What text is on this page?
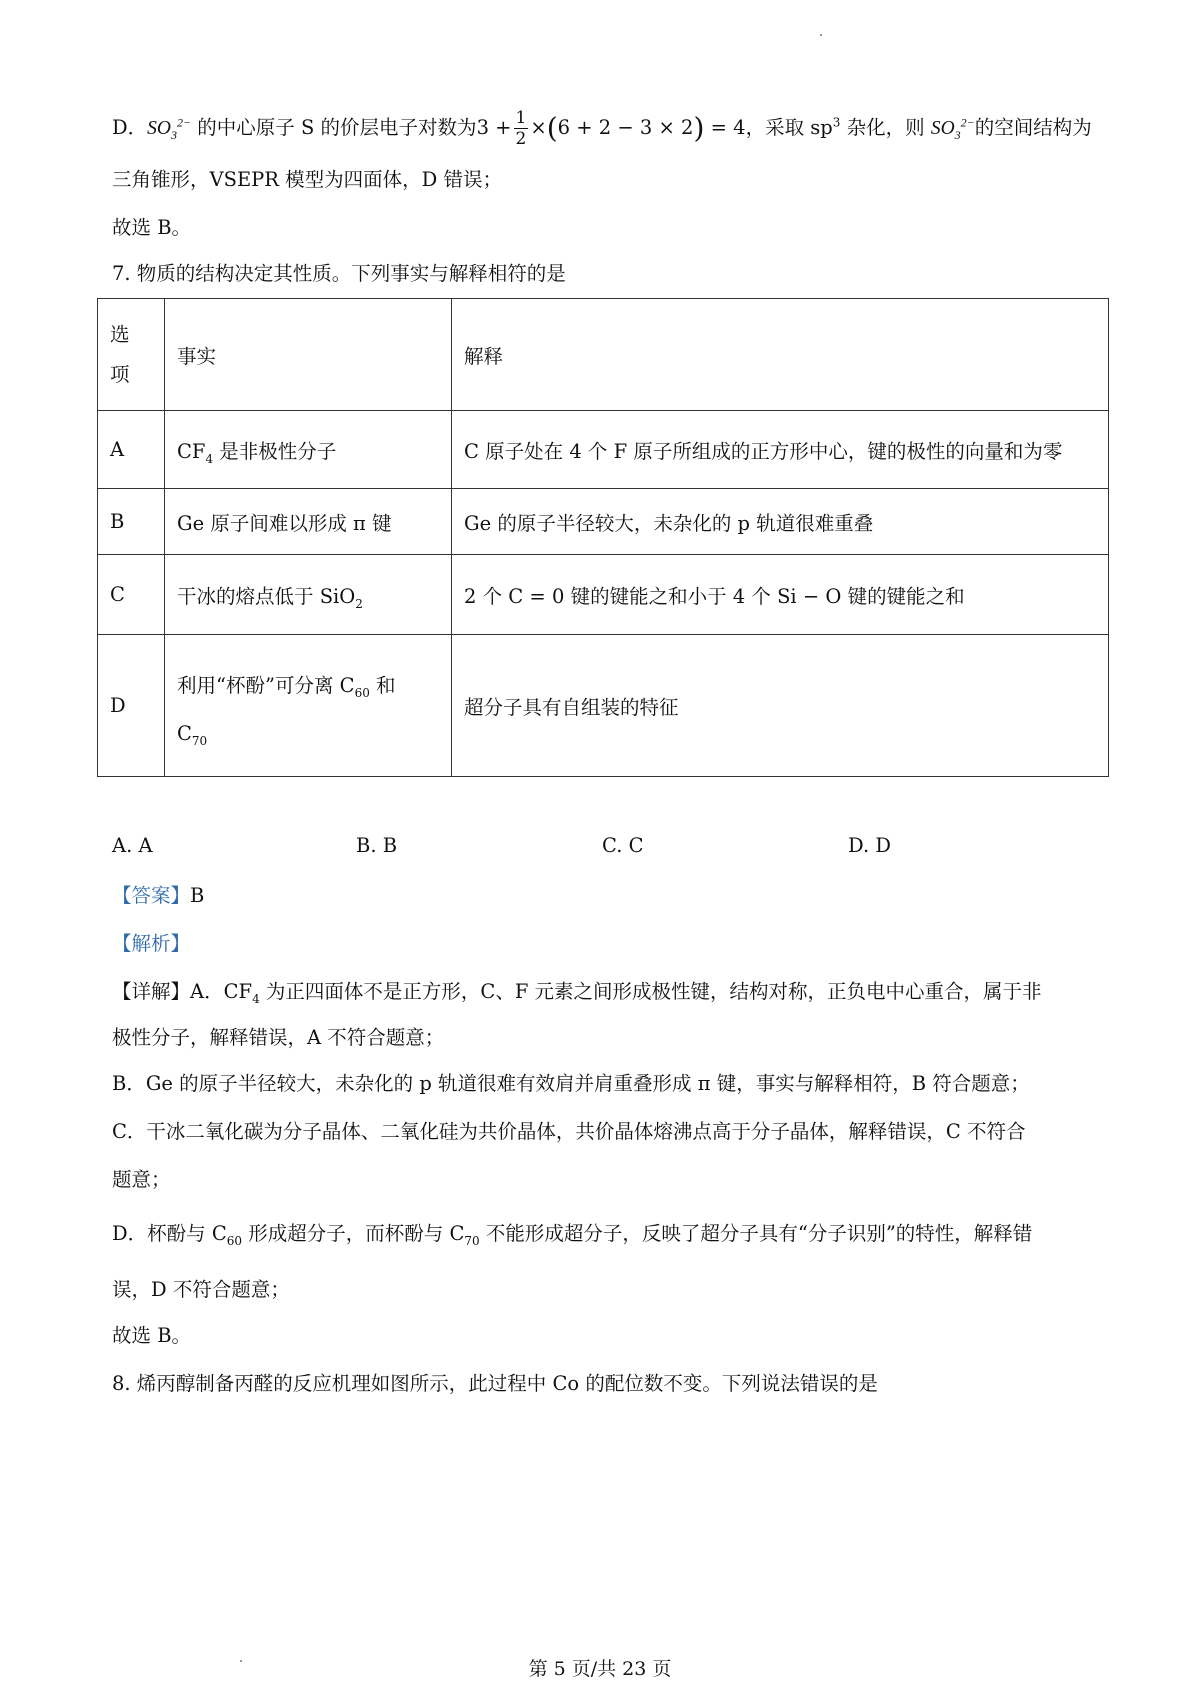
D．$SO_3^{2-}$ 的中心原子 S 的价层电子对数为$3 + \frac{1}{2} \times(6 + 2 - 3 \times 2) = 4$，采取 $sp^3$ 杂化，则 $SO_3^{2-}$的空间结构为
三角锥形，VSEPR 模型为四面体，D 错误；
故选 B。
7. 物质的结构决定其性质。下列事实与解释相符的是
选
项	事实	解释
A	$CF_4$ 是非极性分子	C 原子处在 4 个 F 原子所组成的正方形中心，键的极性的向量和为零
B	Ge 原子间难以形成 π 键	Ge 的原子半径较大，未杂化的 p 轨道很难重叠
C	干冰的熔点低于 SiO$_2$	2 个 C = 0 键的键能之和小于 4 个 Si − O 键的键能之和
D	利用“杯酚”可分离 $C_{60}$ 和
$C_{70}$	超分子具有自组装的特征
A. A	B. B	C. C	D. D
【答案】B
【解析】
【详解】A．$CF_4$ 为正四面体不是正方形，C、F 元素之间形成极性键，结构对称，正负电中心重合，属于非
极性分子，解释错误，A 不符合题意；
B．Ge 的原子半径较大，未杂化的 p 轨道很难有效肩并肩重叠形成 π 键，事实与解释相符，B 符合题意；
C．干冰二氧化碳为分子晶体、二氧化硅为共价晶体，共价晶体熔沸点高于分子晶体，解释错误，C 不符合
题意；
D．杯酚与 $C_{60}$ 形成超分子，而杯酚与 $C_{70}$ 不能形成超分子，反映了超分子具有“分子识别”的特性，解释错
误，D 不符合题意；
故选 B。
8. 烯丙醇制备丙醛的反应机理如图所示，此过程中 Co 的配位数不变。下列说法错误的是
第 5 页/共 23 页
